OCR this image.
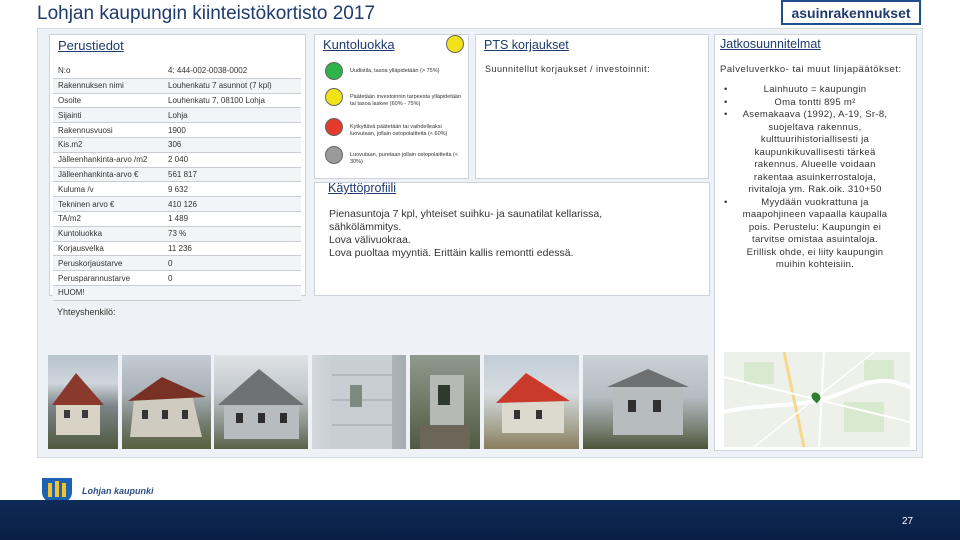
Lohjan kaupungin kiinteistökortisto 2017	asuinrakennukset
Perustiedot
N:o	4: 444-002-0038-0002
Rakennuksen nimi	Louhenkatu 7 asunnot (7 kpl)
Osoite	Louhenkatu 7, 08100 Lohja
Sijainti	Lohja
Rakennusvuosi	1900
Kis.m2	306
Jälleenhankinta-arvo /m2	2 040
Jälleenhankinta-arvo €	561 817
Kuluma /v	9 632
Tekninen arvo €	410 126
TA/m2	1 489
Kuntoluokka	73 %
Korjausvelka	11 236
Peruskorjaustarve	0
Perusparannustarve	0
HUOM!	
Kuntoluokka
Uudistila, tasoa ylläpidetään (> 75%)
Päätetään investoinnin tarpeesta ylläpidetään tai tasoa laskee (60% - 75%)
Kytkyttävä päätetään tai vaihdelleaksi luovutaan, jollain ostopolaitteita (< 60%)
Luovutaan, puretaan jollain ostopolaitteita (< 30%)
Käyttöprofiili
Pienasuntoja 7 kpl, yhteiset suihku- ja saunatilat kellarissa,
sähkölämmitys.
Lova välivuokraa.
Lova puoltaa myyntiä. Erittäin kallis remontti edessä.
PTS korjaukset
Suunnitellut korjaukset / investoinnit:
Jatkosuunnitelmat
Palveluverkko- tai muut linjapäätökset:
• Lainhuuto = kaupungin
• Oma tontti 895 m²
• Asemakaava (1992), A-19, Sr-8, suojeltava rakennus, kulttuurihistoriallisesti ja kaupunkikuvallisesti tärkeä rakennus. Alueelle voidaan rakentaa asuinkerrostaloja, rivitaloja ym. Rak.oik. 310+50
• Myydään vuokrattuna ja maapohjineen vapaalla kaupalla pois. Perustelu: Kaupungin ei tarvitse omistaa asuintaloja. Erillisk ohde, ei liity kaupungin muihin kohteisiin.
Lohjan kaupunki
27
Yhteyshenkilö:
